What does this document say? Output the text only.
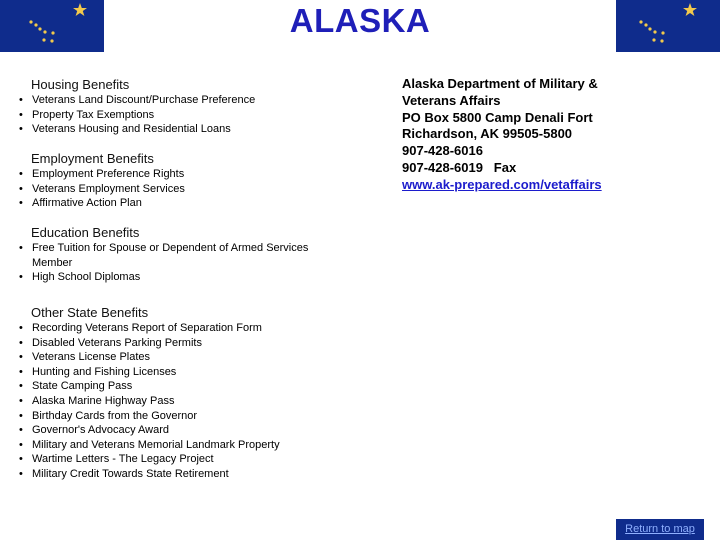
ALASKA
Housing Benefits
• Veterans Land Discount/Purchase Preference
• Property Tax Exemptions
• Veterans Housing and Residential Loans
Employment Benefits
• Employment Preference Rights
• Veterans Employment Services
• Affirmative Action Plan
Education Benefits
• Free Tuition for Spouse or Dependent of Armed Services Member
• High School Diplomas
Other State Benefits
• Recording Veterans Report of Separation Form
• Disabled Veterans Parking Permits
• Veterans License Plates
• Hunting and Fishing Licenses
• State Camping Pass
• Alaska Marine Highway Pass
• Birthday Cards from the Governor
• Governor's Advocacy Award
• Military and Veterans Memorial Landmark Property
• Wartime Letters - The Legacy Project
• Military Credit Towards State Retirement
Alaska Department of Military &
Veterans Affairs
PO Box 5800 Camp Denali Fort
Richardson, AK 99505-5800
907-428-6016
907-428-6019   Fax
www.ak-prepared.com/vetaffairs
Return to map
